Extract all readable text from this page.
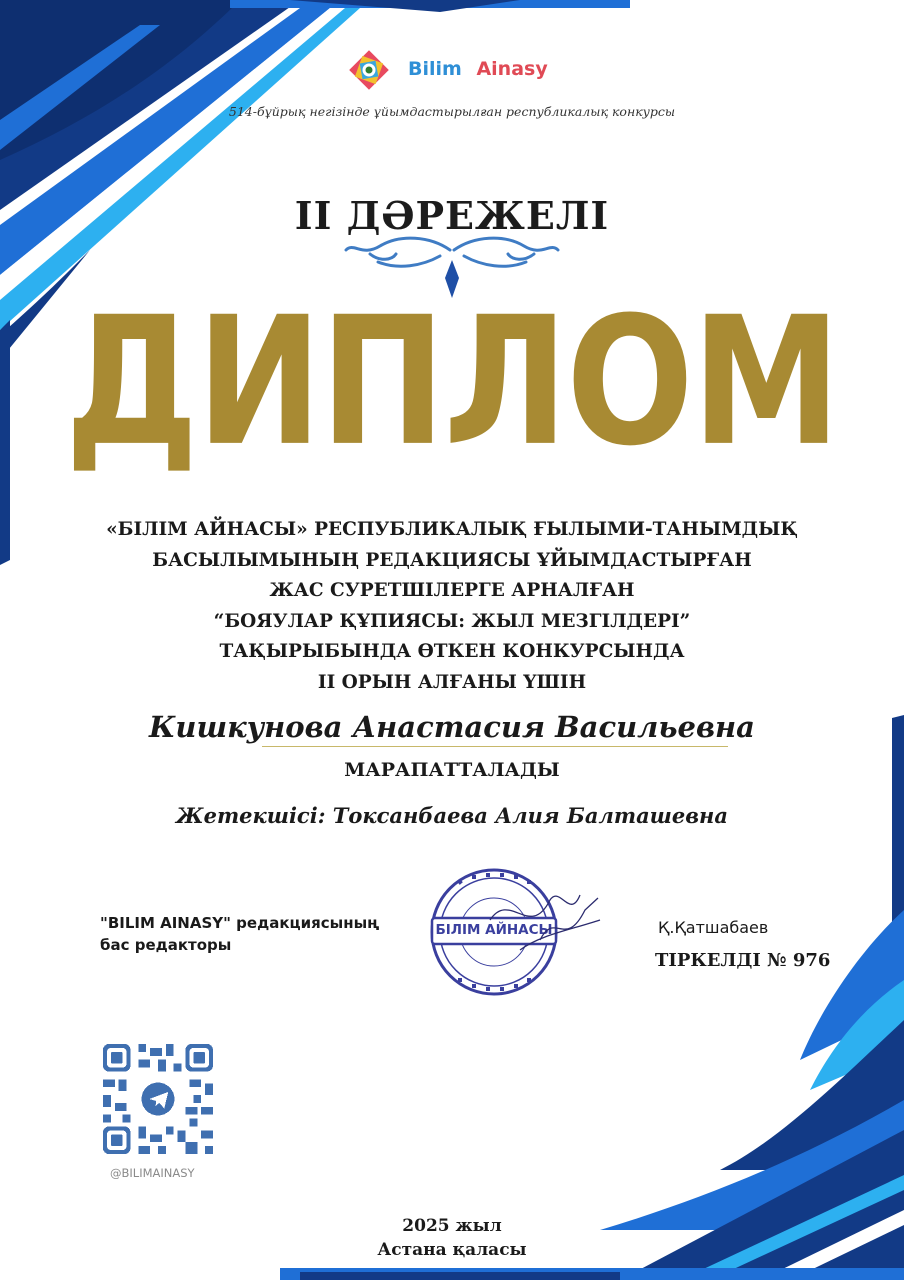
Bilim Ainasy
514-бұйрық негізінде ұйымдастырылған республикалық конкурсы
II ДӘРЕЖЕЛІ
ДИПЛОМ
«БІЛІМ АЙНАСЫ» РЕСПУБЛИКАЛЫҚ ҒЫЛЫМИ-ТАНЫМДЫҚ
БАСЫЛЫМЫНЫҢ РЕДАКЦИЯСЫ ҰЙЫМДАСТЫРҒАН
ЖАС СУРЕТШІЛЕРГЕ АРНАЛҒАН
“БОЯУЛАР ҚҰПИЯСЫ: ЖЫЛ МЕЗГІЛДЕРІ”
ТАҚЫРЫБЫНДА ӨТКЕН КОНКУРСЫНДА
II ОРЫН АЛҒАНЫ ҮШІН
Кишкунова Анастасия Васильевна
МАРАПАТТАЛАДЫ
Жетекшісі: Токсанбаева Алия Балташевна
"BILIM AINASY" редакциясының
бас редакторы
БІЛІМ АЙНАСЫ	Қ.Қатшабаев
ТІРКЕЛДІ № 976
@BILIMAINASY
2025 жыл
Астана қаласы
